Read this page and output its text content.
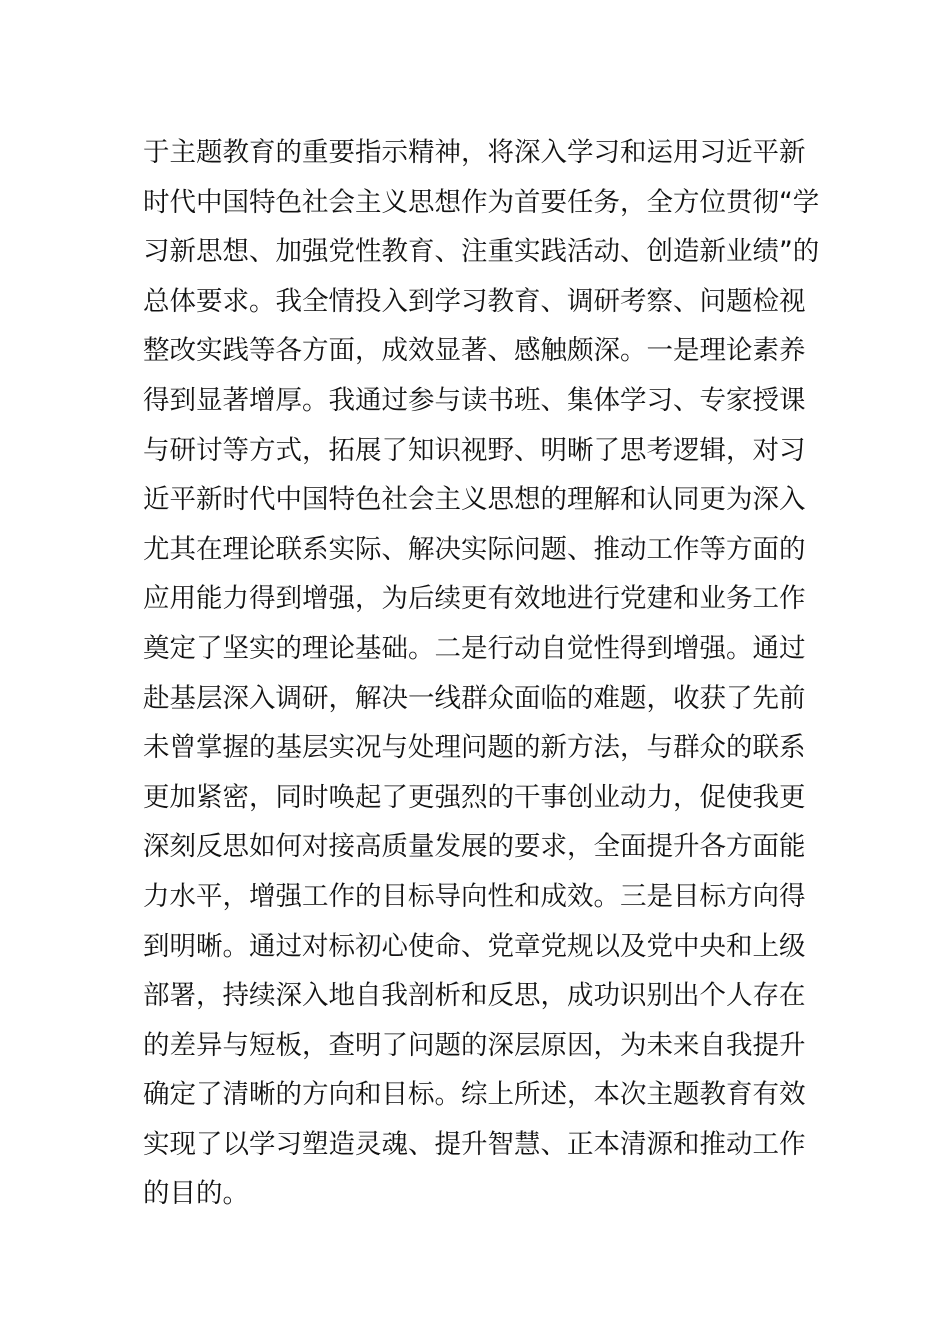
于主题教育的重要指示精神，将深入学习和运用习近平新
时代中国特色社会主义思想作为首要任务，全方位贯彻“学
习新思想、加强党性教育、注重实践活动、创造新业绩”的
总体要求。我全情投入到学习教育、调研考察、问题检视
整改实践等各方面，成效显著、感触颇深。一是理论素养
得到显著增厚。我通过参与读书班、集体学习、专家授课
与研讨等方式，拓展了知识视野、明晰了思考逻辑，对习
近平新时代中国特色社会主义思想的理解和认同更为深入
尤其在理论联系实际、解决实际问题、推动工作等方面的
应用能力得到增强，为后续更有效地进行党建和业务工作
奠定了坚实的理论基础。二是行动自觉性得到增强。通过
赴基层深入调研，解决一线群众面临的难题，收获了先前
未曾掌握的基层实况与处理问题的新方法，与群众的联系
更加紧密，同时唤起了更强烈的干事创业动力，促使我更
深刻反思如何对接高质量发展的要求，全面提升各方面能
力水平，增强工作的目标导向性和成效。三是目标方向得
到明晰。通过对标初心使命、党章党规以及党中央和上级
部署，持续深入地自我剖析和反思，成功识别出个人存在
的差异与短板，查明了问题的深层原因，为未来自我提升
确定了清晰的方向和目标。综上所述，本次主题教育有效
实现了以学习塑造灵魂、提升智慧、正本清源和推动工作
的目的。
